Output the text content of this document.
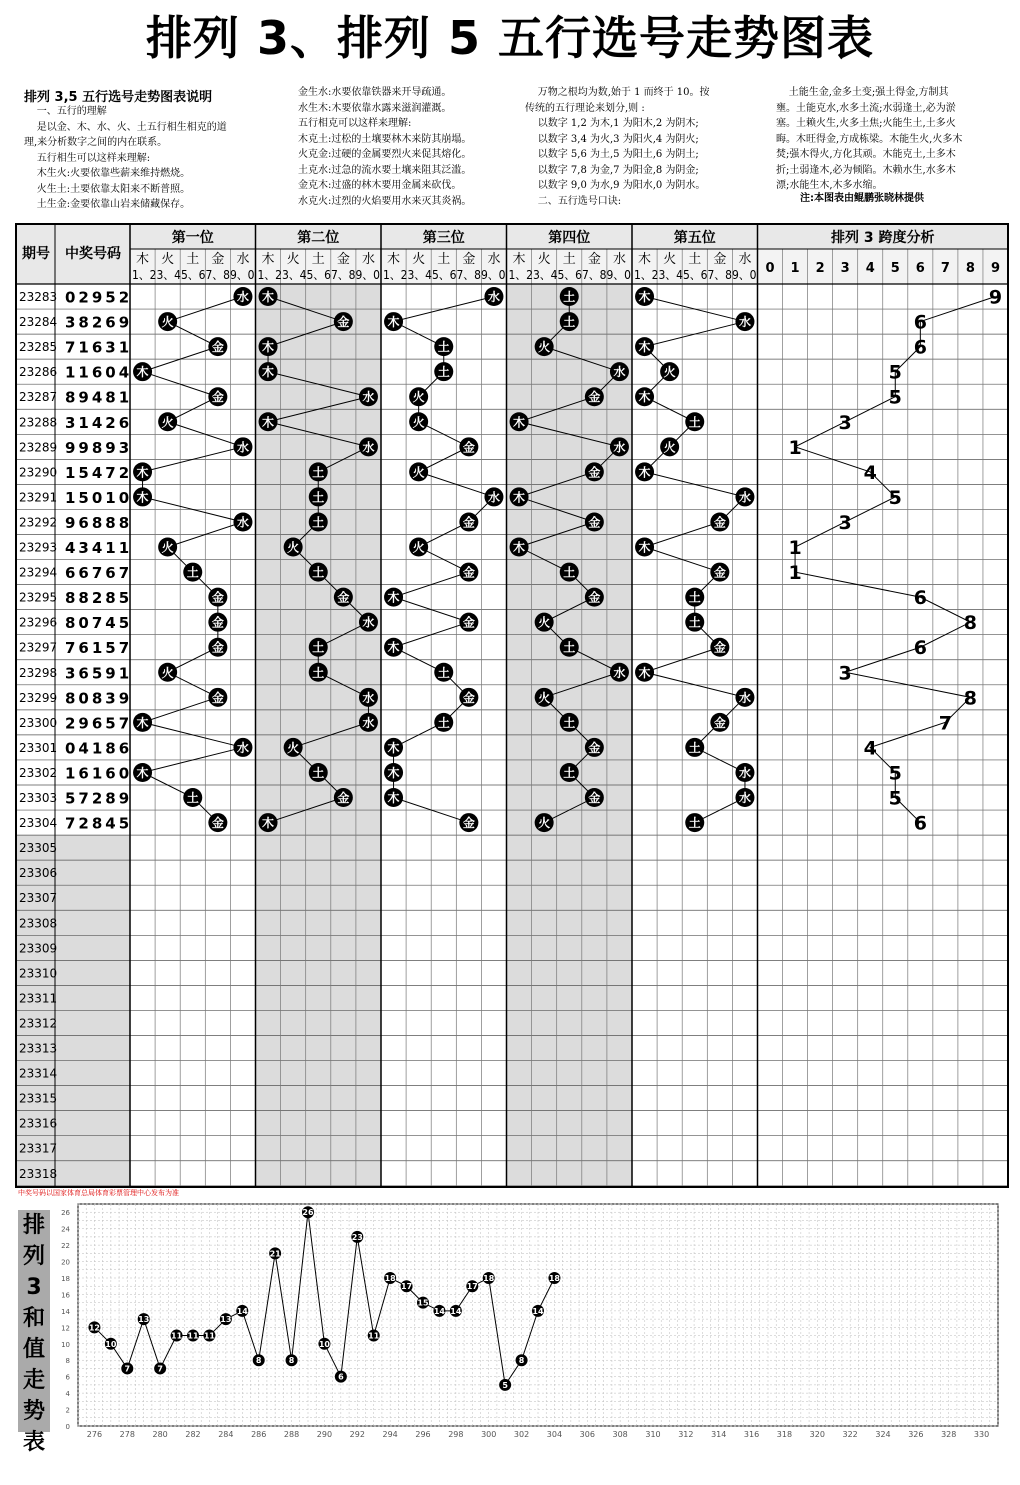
排列 3、排列 5 五行选号走势图表
排列 3,5 五行选号走势图表说明
一、五行的理解
是以金、木、水、火、土五行相生相克的道
理,来分析数字之间的内在联系。
五行相生可以这样来理解:
木生火:火要依靠些薪来维持燃烧。
火生土:土要依靠太阳来不断普照。
土生金:金要依靠山岩来储藏保存。
金生水:水要依靠铁器来开导疏通。
水生木:木要依靠水露来滋润灌溉。
五行相克可以这样来理解:
木克土:过松的土壤要林木来防其崩塌。
火克金:过硬的金属要烈火来促其熔化。
土克水:过急的流水要土壤来阻其泛滥。
金克木:过盛的林木要用金属来砍伐。
水克火:过烈的火焰要用水来灭其炎祸。
万物之根均为数,始于 1 而终于 10。按
传统的五行理论来划分,则 :
以数字 1,2 为木,1 为阳木,2 为阴木;
以数字 3,4 为火,3 为阳火,4 为阴火;
以数字 5,6 为土,5 为阳土,6 为阴土;
以数字 7,8 为金,7 为阳金,8 为阴金;
以数字 9,0 为水,9 为阳水,0 为阴水。
二、五行选号口诀:
土能生金,金多土变;强土得金,方制其
壅。土能克水,水多土流;水弱逢土,必为淤
塞。土赖火生,火多土焦;火能生土,土多火
晦。木旺得金,方成栋梁。木能生火,火多木
焚;强木得火,方化其顽。木能克土,土多木
折;土弱逢木,必为倾陷。木赖水生,水多木
漂;水能生木,木多水缩。
注:本图表由鲲鹏张晓林提供
中奖号码以国家体育总局体育彩票管理中心发布为准
期号 中奖号码
第一位
木 火 土 金 水
1、23、45、67、89、0
第二位
木 火 土 金 水
1、23、45、67、89、0
第三位
木 火 土 金 水
1、23、45、67、89、0
第四位
木 火 土 金 水
1、23、45、67、89、0
第五位
木 火 土 金 水
1、23、45、67、89、0
排列 3 跨度分析
0 1 2 3 4 5 6 7 8 9
23283
23284
23285
23286
23287
23288
23289
23290
23291
23292
23293
23294
23295
23296
23297
23298
23299
23300
23301
23302
23303
23304
23305
23306
23307
23308
23309
23310
23311
23312
23313
23314
23315
23316
23317
23318
02952
38269
71631
11604
89481
31426
99893
15472
15010
96888
43411
66767
88285
80745
76157
36591
80839
29657
04186
16160
57289
72845
水
火
金
木
金
火
水
木
木
水
火
土
金
金
金
火
金
木
水
木
土
金
木
金
木
木
水
木
水
土
土
土
火
土
金
水
土
土
水
水
火
土
金
木
水
木
土
土
火
火
金
火
水
金
火
金
木
金
木
土
金
土
木
木
木
金
土
土
火
水
金
木
水
金
木
金
木
土
金
火
土
水
火
土
金
土
金
火
木
水
木
火
木
土
火
木
水
金
木
金
土
土
金
木
水
金
土
水
水
土
9
6
6
5
5
3
1
4
5
3
1
1
6
8
6
3
8
7
4
5
5
6
0
2
4
6
8
10
12
14
16
18
20
22
24
26
276 278 280 282 284 286 288 290 292 294 296 298 300 302 304 306 308 310 312 314 316 318 320 322 324 326 328 330
12
10
7
13
7
11 11 11
13
14
8
21
8
26
10
6
23
11
18
17
15
14 14
17
18
5
8
14
18
排
列
3
和
值
走
势
表
